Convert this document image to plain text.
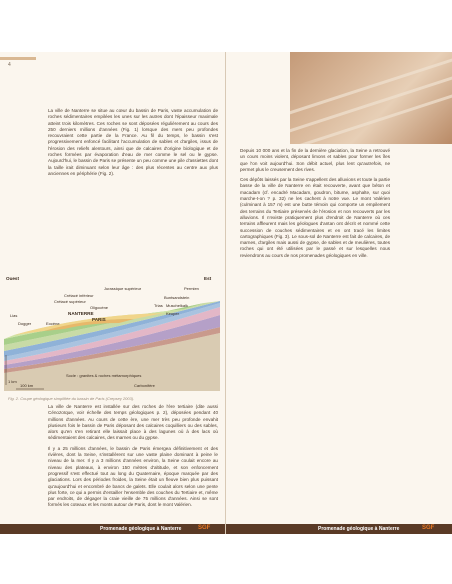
4

La ville de Nanterre se situe au cœur du bassin de Paris, vaste accumulation de roches sédimentaires empilées les unes sur les autres dont l'épaisseur maximale atteint trois kilomètres. Ces roches se sont déposées régulièrement au cours des 250 derniers millions d'années (Fig. 1) lorsque des mers peu profondes recouvraient cette partie de la France. Au fil du temps, le bassin s'est progressivement enfoncé facilitant l'accumulation de sables et d'argiles, issus de l'érosion des reliefs alentours, ainsi que de calcaires d'origine biologique et de roches formées par évaporation d'eau de mer comme le sel ou le gypse. Aujourd'hui, le bassin de Paris se présente un peu comme une pile d'assiettes dont la taille irait diminuant selon leur âge : des plus récentes au centre aux plus anciennes en périphérie (Fig. 2).

Ouest	Est
1 km
100 km
Crétacé inférieur
Jurassique supérieur	Permien
Crétacé supérieur
Buntsandstein
Oligocène	Trias Muschelkalk
Lias	NANTERRE	Keuper
Dogger	Eocène
PARIS
Socle : granites & roches métamorphiques
Carbonifère
Fig. 2. Coupe géologique simplifiée du bassin de Paris (Crepsey 2003).

La ville de Nanterre est installée sur des roches de l'ère tertiaire (dite aussi Cénozoïque, voir échelle des temps géologiques p. 2), déposées pendant 40 millions d'années. Au cours de cette ère, une mer très peu profonde envahit plusieurs fois le bassin de Paris déposant des calcaires coquilliers ou des sables, alors qu'en s'en retirant elle laissait place à des lagunes où à des lacs où sédimentaient des calcaires, des marnes ou du gypse.

Il y a 25 millions d'années, le bassin de Paris émergea définitivement et des rivières, dont la Seine, s'installèrent sur une vaste plaine dominant à peine le niveau de la mer. Il y a 3 millions d'années environ, la Seine coulait encore au niveau des plateaux, à environ 150 mètres d'altitude, et son enfoncement progressif s'est effectué tout au long du Quaternaire, époque marquée par des glaciations. Lors des périodes froides, la Seine était un fleuve bien plus puissant qu'aujourd'hui et encombré de bancs de galets. Elle coulait alors selon une pente plus forte, ce qui a permis d'entailler l'ensemble des couches du Tertiaire et, même par endroits, de dégager la craie vieille de 75 millions d'années. Ainsi se sont formés les coteaux et les monts autour de Paris, dont le mont Valérien.

Promenade géologique à Nanterre	SGF

Depuis 10 000 ans et la fin de la dernière glaciation, la Seine a retrouvé un cours moins violent, déposant limons et sables pour former les îles que l'on voit aujourd'hui. Son débit actuel, plus lent qu'autrefois, ne permet plus le creusement des rives.

Ces dépôts laissés par la Seine s'appellent des alluvions et toute la partie basse de la ville de Nanterre en était recouverte, avant que béton et macadam (cf. encadré Macadam, goudron, bitume, asphalte, sur quoi marche-t-on ? p. 32) ne les cachent à notre vue. Le mont Valérien (culminant à 157 m) est une butte témoin qui comporte un empilement des terrains du Tertiaire préservés de l'érosion et non recouverts par les alluvions. Il n'existe pratiquement plus d'endroit de Nanterre où ces terrains affleurent mais les géologues d'antan ont décrit et nommé cette succession de couches sédimentaires et en ont tracé les limites cartographiques (Fig. 3). Le sous-sol de Nanterre est fait de calcaires, de marnes, d'argiles mais aussi de gypse, de sables et de meulières, toutes roches qui ont été utilisées par le passé et sur lesquelles nous reviendrons au cours de nos promenades géologiques en ville.

Promenade géologique à Nanterre	SGF
